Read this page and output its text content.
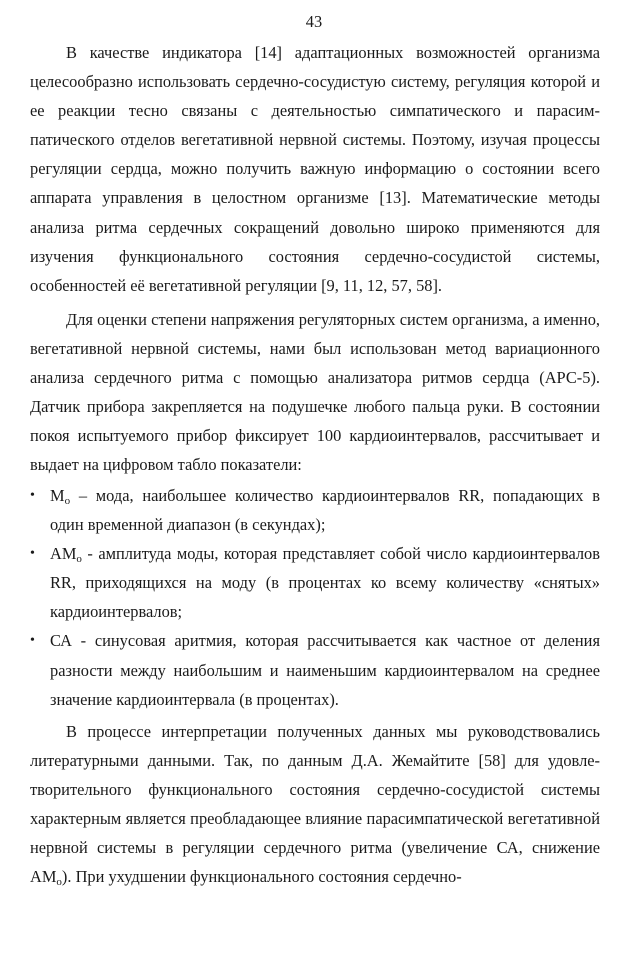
43

В качестве индикатора [14] адаптационных возможностей организма целесообразно использовать сердечно-сосудистую систему, регуляция которой и ее реакции тесно связаны с деятельностью симпатического и парасимпатического отделов вегетативной нервной системы. Поэтому, изучая процессы регуляции сердца, можно получить важную информацию о состоянии всего аппарата управления в целостном организме [13]. Математические методы анализа ритма сердечных сокращений довольно широко применяются для изучения функционального состояния сердечно-сосудистой системы, особенностей её вегетативной регуляции [9, 11, 12, 57, 58].

Для оценки степени напряжения регуляторных систем организма, а именно, вегетативной нервной системы, нами был использован метод вариационного анализа сердечного ритма с помощью анализатора ритмов сердца (АРС-5). Датчик прибора закрепляется на подушечке любого пальца руки. В состоянии покоя испытуемого прибор фиксирует 100 кардиоинтервалов, рассчитывает и выдает на цифровом табло показатели:

• $М_о$ – мода, наибольшее количество кардиоинтервалов RR, попадающих в один временной диапазон (в секундах);
• $АМ_о$ - амплитуда моды, которая представляет собой число кардиоинтервалов RR, приходящихся на моду (в процентах ко всему количеству «снятых» кардиоинтервалов;
• СА - синусовая аритмия, которая рассчитывается как частное от деления разности между наибольшим и наименьшим кардиоинтервалом на среднее значение кардиоинтервала (в процентах).

В процессе интерпретации полученных данных мы руководствовались литературными данными. Так, по данным Д.А. Жемайтите [58] для удовлетворительного функционального состояния сердечно-сосудистой системы характерным является преобладающее влияние парасимпатической вегетативной нервной системы в регуляции сердечного ритма (увеличение СА, снижение $АМ_о$). При ухудшении функционального состояния сердечно-
